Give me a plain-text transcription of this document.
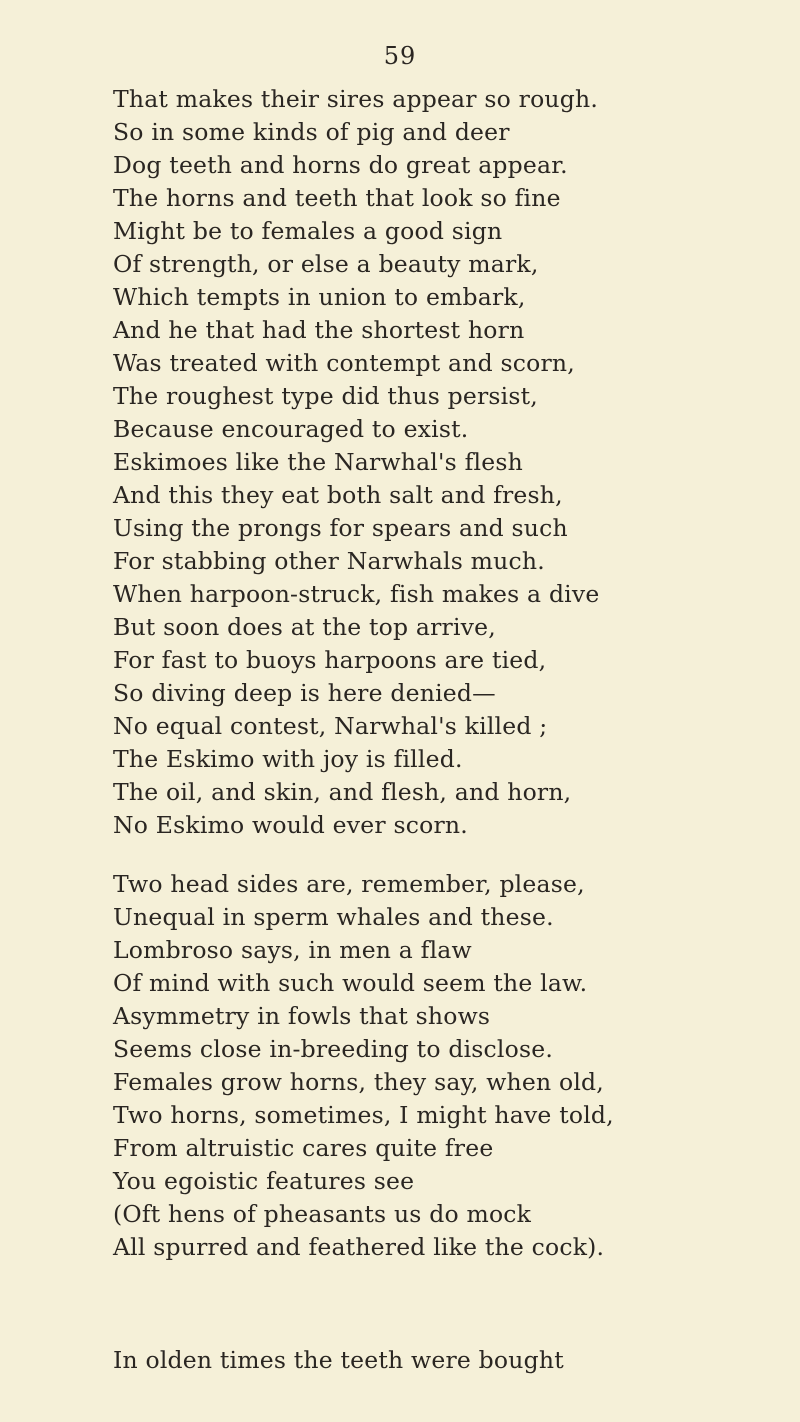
59
That makes their sires appear so rough.
So in some kinds of pig and deer
Dog teeth and horns do great appear.
The horns and teeth that look so fine
Might be to females a good sign
Of strength, or else a beauty mark,
Which tempts in union to embark,
And he that had the shortest horn
Was treated with contempt and scorn,
The roughest type did thus persist,
Because encouraged to exist.
Eskimoes like the Narwhal's flesh
And this they eat both salt and fresh,
Using the prongs for spears and such
For stabbing other Narwhals much.
When harpoon-struck, fish makes a dive
But soon does at the top arrive,
For fast to buoys harpoons are tied,
So diving deep is here denied—
No equal contest, Narwhal's killed ;
The Eskimo with joy is filled.
The oil, and skin, and flesh, and horn,
No Eskimo would ever scorn.
Two head sides are, remember, please,
Unequal in sperm whales and these.
Lombroso says, in men a flaw
Of mind with such would seem the law.
Asymmetry in fowls that shows
Seems close in-breeding to disclose.
Females grow horns, they say, when old,
Two horns, sometimes, I might have told,
From altruistic cares quite free
You egoistic features see
(Oft hens of pheasants us do mock
All spurred and feathered like the cock).
In olden times the teeth were bought
